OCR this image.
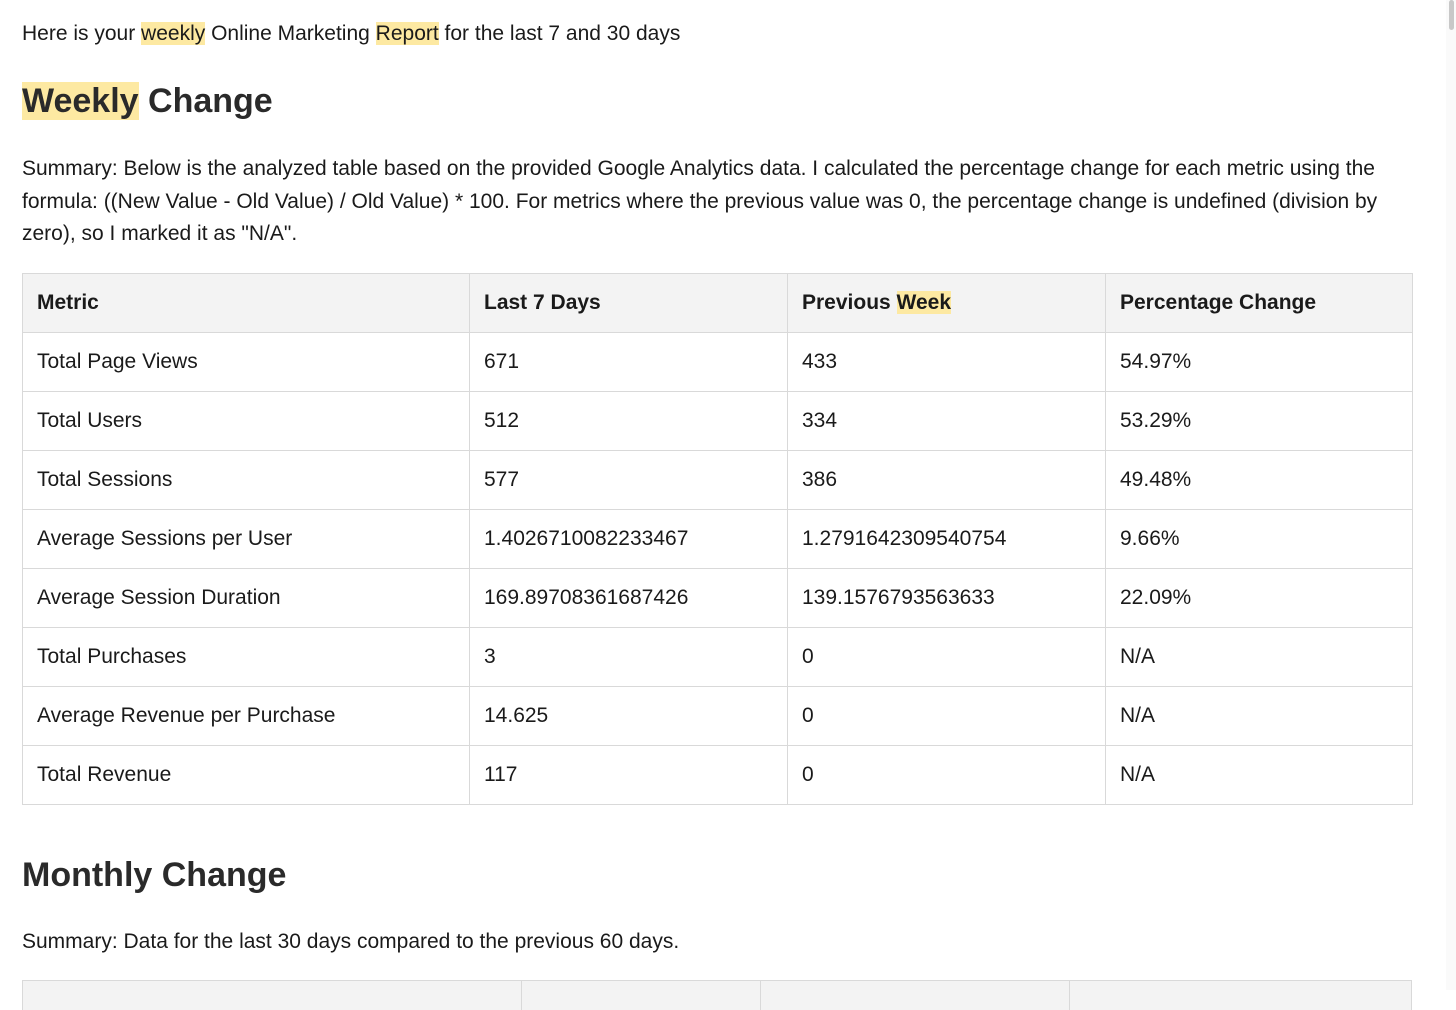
Here is your weekly Online Marketing Report for the last 7 and 30 days

Weekly Change

Summary: Below is the analyzed table based on the provided Google Analytics data. I calculated the percentage change for each metric using the formula: ((New Value - Old Value) / Old Value) * 100. For metrics where the previous value was 0, the percentage change is undefined (division by zero), so I marked it as "N/A".

Metric	Last 7 Days	Previous Week	Percentage Change
Total Page Views	671	433	54.97%
Total Users	512	334	53.29%
Total Sessions	577	386	49.48%
Average Sessions per User	1.4026710082233467	1.2791642309540754	9.66%
Average Session Duration	169.89708361687426	139.1576793563633	22.09%
Total Purchases	3	0	N/A
Average Revenue per Purchase	14.625	0	N/A
Total Revenue	117	0	N/A
Monthly Change

Summary: Data for the last 30 days compared to the previous 60 days.
